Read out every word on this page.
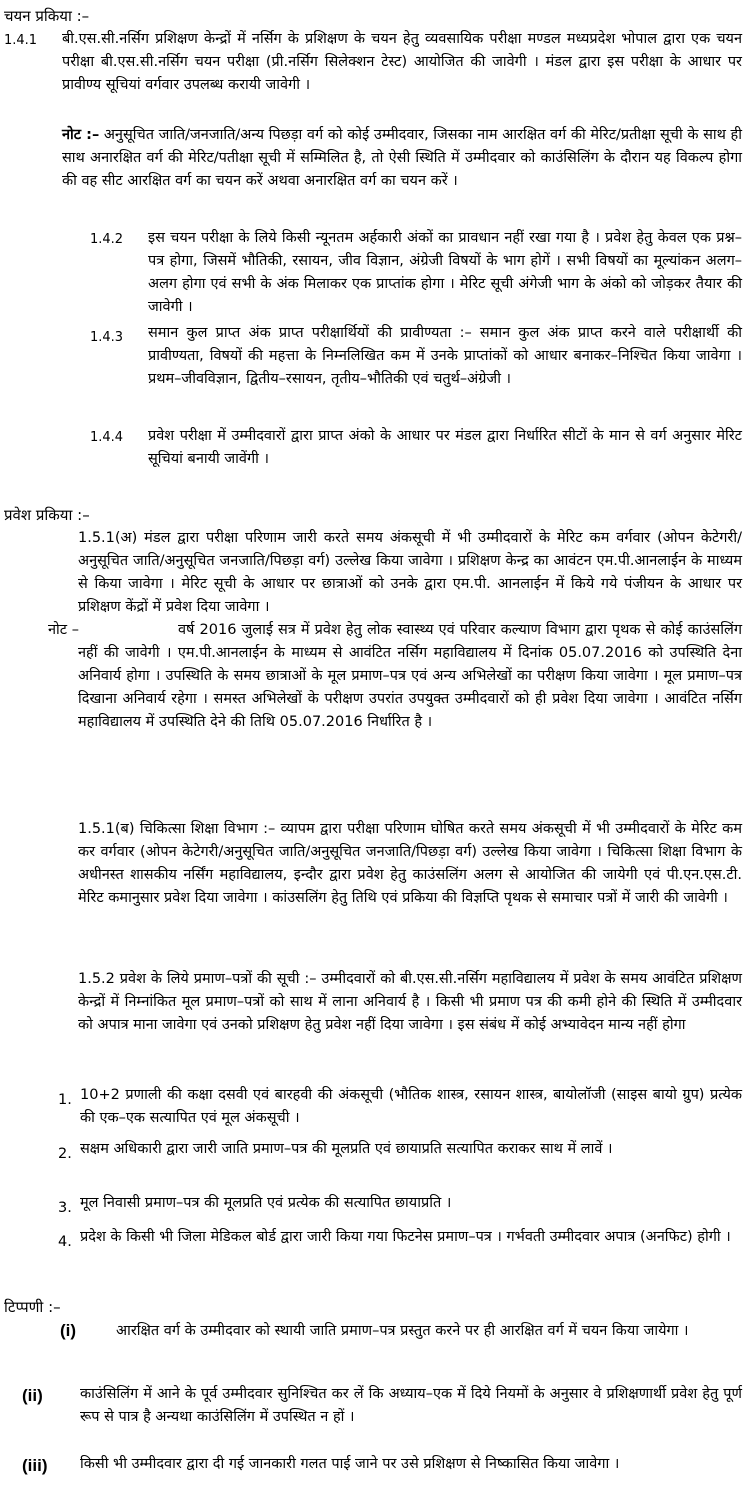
चयन प्रकिया :–
1.4.1 बी.एस.सी.नर्सिग प्रशिक्षण केन्द्रों में नर्सिग के प्रशिक्षण के चयन हेतु व्यवसायिक परीक्षा मण्डल मध्यप्रदेश भोपाल द्वारा एक चयन परीक्षा बी.एस.सी.नर्सिग चयन परीक्षा (प्री.नर्सिग सिलेक्शन टेस्ट) आयोजित की जावेगी । मंडल द्वारा इस परीक्षा के आधार पर प्रावीण्य सूचियां वर्गवार उपलब्ध करायी जावेगी ।
नोट :– अनुसूचित जाति/जनजाति/अन्य पिछड़ा वर्ग को कोई उम्मीदवार, जिसका नाम आरक्षित वर्ग की मेरिट/प्रतीक्षा सूची के साथ ही साथ अनारक्षित वर्ग की मेरिट/पतीक्षा सूची में सम्मिलित है, तो ऐसी स्थिति में उम्मीदवार को काउंसिलिंग के दौरान यह विकल्प होगा की वह सीट आरक्षित वर्ग का चयन करें अथवा अनारक्षित वर्ग का चयन करें ।
1.4.2 इस चयन परीक्षा के लिये किसी न्यूनतम अर्हकारी अंकों का प्रावधान नहीं रखा गया है । प्रवेश हेतु केवल एक प्रश्न–पत्र होगा, जिसमें भौतिकी, रसायन, जीव विज्ञान, अंग्रेजी विषयों के भाग होगें । सभी विषयों का मूल्यांकन अलग–अलग होगा एवं सभी के अंक मिलाकर एक प्राप्तांक होगा । मेरिट सूची अंगेजी भाग के अंको को जोड़कर तैयार की जावेगी ।
1.4.3 समान कुल प्राप्त अंक प्राप्त परीक्षार्थियों की प्रावीण्यता :– समान कुल अंक प्राप्त करने वाले परीक्षार्थी की प्रावीण्यता, विषयों की महत्ता के निम्नलिखित कम में उनके प्राप्तांकों को आधार बनाकर–निश्चित किया जावेगा । प्रथम–जीवविज्ञान, द्वितीय–रसायन, तृतीय–भौतिकी एवं चतुर्थ–अंग्रेजी ।
1.4.4 प्रवेश परीक्षा में उम्मीदवारों द्वारा प्राप्त अंको के आधार पर मंडल द्वारा निर्धारित सीटों के मान से वर्ग अनुसार मेरिट सूचियां बनायी जावेंगी ।
प्रवेश प्रकिया :–
1.5.1(अ) मंडल द्वारा परीक्षा परिणाम जारी करते समय अंकसूची में भी उम्मीदवारों के मेरिट कम वर्गवार (ओपन केटेगरी/अनुसूचित जाति/अनुसूचित जनजाति/पिछड़ा वर्ग) उल्लेख किया जावेगा । प्रशिक्षण केन्द्र का आवंटन एम.पी.आनलाईन के माध्यम से किया जावेगा । मेरिट सूची के आधार पर छात्राओं को उनके द्वारा एम.पी. आनलाईन में किये गये पंजीयन के आधार पर प्रशिक्षण केंद्रों में प्रवेश दिया जावेगा ।
नोट –	वर्ष 2016 जुलाई सत्र में प्रवेश हेतु लोक स्वास्थ्य एवं परिवार कल्याण विभाग द्वारा पृथक से कोई काउंसलिंग नहीं की जावेगी । एम.पी.आनलाईन के माध्यम से आवंटित नर्सिग महाविद्यालय में दिनांक 05.07.2016 को उपस्थिति देना अनिवार्य होगा । उपस्थिति के समय छात्राओं के मूल प्रमाण–पत्र एवं अन्य अभिलेखों का परीक्षण किया जावेगा । मूल प्रमाण–पत्र दिखाना अनिवार्य रहेगा । समस्त अभिलेखों के परीक्षण उपरांत उपयुक्त उम्मीदवारों को ही प्रवेश दिया जावेगा । आवंटित नर्सिग महाविद्यालय में उपस्थिति देने की तिथि 05.07.2016 निर्धारित है ।
1.5.1(ब) चिकित्सा शिक्षा विभाग :– व्यापम द्वारा परीक्षा परिणाम घोषित करते समय अंकसूची में भी उम्मीदवारों के मेरिट कम कर वर्गवार (ओपन केटेगरी/अनुसूचित जाति/अनुसूचित जनजाति/पिछड़ा वर्ग) उल्लेख किया जावेगा । चिकित्सा शिक्षा विभाग के अधीनस्त शासकीय नर्सिंग महाविद्यालय, इन्दौर द्वारा प्रवेश हेतु काउंसलिंग अलग से आयोजित की जायेगी एवं पी.एन.एस.टी. मेरिट कमानुसार प्रवेश दिया जावेगा । कांउसलिंग हेतु तिथि एवं प्रकिया की विज्ञप्ति पृथक से समाचार पत्रों में जारी की जावेगी ।
1.5.2 प्रवेश के लिये प्रमाण–पत्रों की सूची :– उम्मीदवारों को बी.एस.सी.नर्सिग महाविद्यालय में प्रवेश के समय आवंटित प्रशिक्षण केन्द्रों में निम्नांकित मूल प्रमाण–पत्रों को साथ में लाना अनिवार्य है । किसी भी प्रमाण पत्र की कमी होने की स्थिति में उम्मीदवार को अपात्र माना जावेगा एवं उनको प्रशिक्षण हेतु प्रवेश नहीं दिया जावेगा । इस संबंध में कोई अभ्यावेदन मान्य नहीं होगा
1. 10+2 प्रणाली की कक्षा दसवी एवं बारहवी की अंकसूची (भौतिक शास्त्र, रसायन शास्त्र, बायोलॉजी (साइस बायो ग्रुप) प्रत्येक की एक–एक सत्यापित एवं मूल अंकसूची ।
2. सक्षम अधिकारी द्वारा जारी जाति प्रमाण–पत्र की मूलप्रति एवं छायाप्रति सत्यापित कराकर साथ में लावें ।
3. मूल निवासी प्रमाण–पत्र की मूलप्रति एवं प्रत्येक की सत्यापित छायाप्रति ।
4. प्रदेश के किसी भी जिला मेडिकल बोर्ड द्वारा जारी किया गया फिटनेस प्रमाण–पत्र । गर्भवती उम्मीदवार अपात्र (अनफिट) होगी ।
टिप्पणी :–
(i)	आरक्षित वर्ग के उम्मीदवार को स्थायी जाति प्रमाण–पत्र प्रस्तुत करने पर ही आरक्षित वर्ग में चयन किया जायेगा ।
(ii)	काउंसिलिंग में आने के पूर्व उम्मीदवार सुनिश्चित कर लें कि अध्याय–एक में दिये नियमों के अनुसार वे प्रशिक्षणार्थी प्रवेश हेतु पूर्ण रूप से पात्र है अन्यथा काउंसिलिंग में उपस्थित न हों ।
(iii) किसी भी उम्मीदवार द्वारा दी गई जानकारी गलत पाई जाने पर उसे प्रशिक्षण से निष्कासित किया जावेगा ।
